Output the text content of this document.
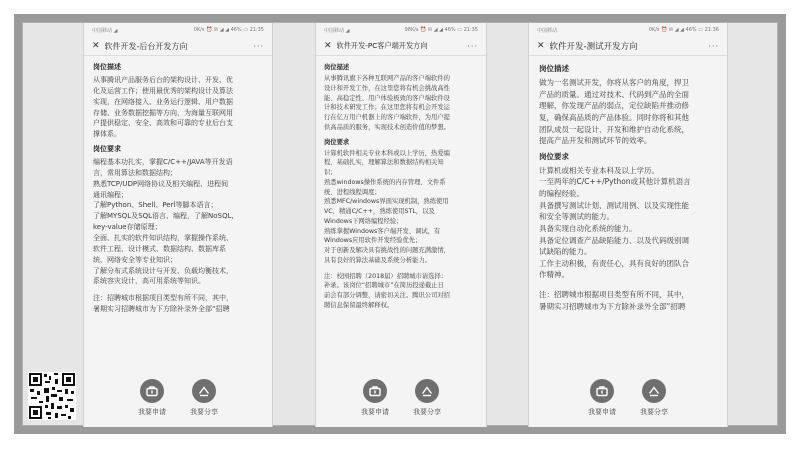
中国移动 ◢	0K/s ⏰ ✉ ◢ ◢ 46% ▭ 21:35
✕ 软件开发-后台开发方向	···
岗位描述
从事腾讯产品服务后台的架构设计、开发、优
化及运营工作；使用最优秀的架构设计及算法
实现，在网络接入、业务运行逻辑、用户数据
存储、业务数据挖掘等方向，为海量互联网用
户提供稳定、安全、高效和可靠的专业后台支
撑体系。
岗位要求
编程基本功扎实，掌握C/C++/JAVA等开发语
言，常用算法和数据结构；
熟悉TCP/UDP网络协议及相关编程、进程间
通讯编程；
了解Python、Shell、Perl等脚本语言；
了解MYSQL及SQL语言、编程，了解NoSQL,
key-value存储原理；
全面、扎实的软件知识结构，掌握操作系统、
软件工程、设计模式、数据结构、数据库系
统、网络安全等专业知识；
了解分布式系统设计与开发、负载均衡技术，
系统容灾设计，高可用系统等知识。
注：招聘城市根据项目类型有所不同，其中，
暑期实习招聘城市为下方除补录外全部“招聘
我要申请	我要分享
中国移动 ◢	98K/s ⏰ ✉ ◢ ◢ 46% ▭ 21:35
✕ 软件开发-PC客户端开发方向	···
岗位描述
从事腾讯旗下各种互联网产品的客户端软件的
设计和开发工作，在这里您将有机会挑战高性
能、高稳定性、用户体验极致的客户端软件设
计和技术研发工作；在这里您将有机会开发运
行在亿万用户机器上的客户端软件，为用户提
供高品质的服务，实现技术创造价值的梦想。
岗位要求
计算机软件相关专业本科或以上学历，热爱编
程，基础扎实，理解算法和数据结构相关知
识；
熟悉windows操作系统的内存管理、文件系
统、进程线程调度；
熟悉MFC/windows界面实现机制，熟练使用
VC，精通C/C++，熟练使用STL，以及
Windows下网络编程经验；
熟练掌握Windows客户端开发、调试，有
Windows应用软件开发经验优先；
对于创新及解决具有挑战性的问题充满激情，
具有良好的算法基础及系统分析能力。
注：校园招聘（2018届）招聘城市请选择：
补录。该岗位“招聘城市”在简历投递截止日
前会有部分调整，请密切关注。腾讯公司对招
聘信息保留最终解释权。
我要申请	我要分享
中国移动	0K/s ⏰ ✉ ◢ ◢ 46% ▭ 21:36
✕ 软件开发-测试开发方向	···
岗位描述
做为一名测试开发，你将从客户的角度，捍卫
产品的质量。通过对技术、代码到产品的全面
理解，你发现产品的弱点，定位缺陷并推动修
复，确保高品质的产品体验。同时你将和其他
团队成员一起设计、开发和维护自动化系统，
提高产品开发和测试环节的效率。
岗位要求
计算机或相关专业本科及以上学历。
一至两年的C/C++/Python或其他计算机语言
的编程经验。
具备撰写测试计划、测试用例、以及实现性能
和安全等测试的能力。
具备实现自动化系统的能力。
具备定位调查产品缺陷能力、以及代码级别调
试缺陷的能力。
工作主动积极，有责任心，具有良好的团队合
作精神。
注：招聘城市根据项目类型有所不同，其中，
暑期实习招聘城市为下方除补录外全部“招聘
我要申请	我要分享
